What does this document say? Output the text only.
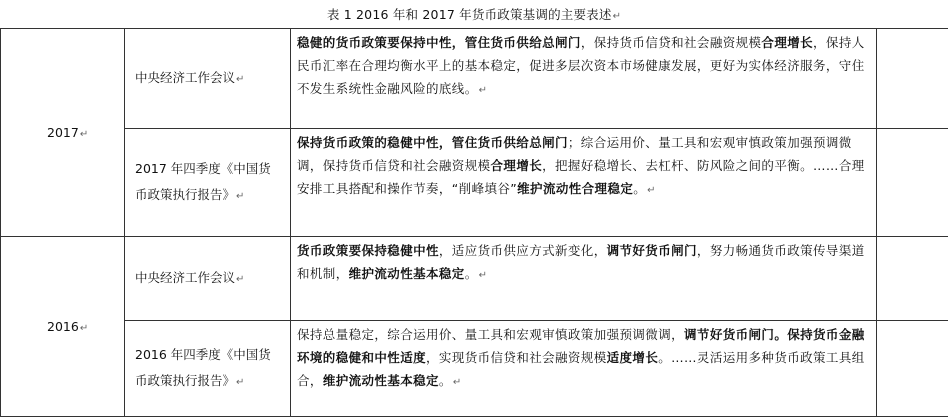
表 1 2016 年和 2017 年货币政策基调的主要表述↵
2017↵	中央经济工作会议↵	稳健的货币政策要保持中性，管住货币供给总闸门，保持货币信贷和社会融资规模合理增长，保持人民币汇率在合理均衡水平上的基本稳定，促进多层次资本市场健康发展，更好为实体经济服务，守住不发生系统性金融风险的底线。↵	
	2017 年四季度《中国货币政策执行报告》↵	保持货币政策的稳健中性，管住货币供给总闸门；综合运用价、量工具和宏观审慎政策加强预调微调，保持货币信贷和社会融资规模合理增长，把握好稳增长、去杠杆、防风险之间的平衡。……合理安排工具搭配和操作节奏，“削峰填谷”维护流动性合理稳定。↵	
2016↵	中央经济工作会议↵	货币政策要保持稳健中性，适应货币供应方式新变化，调节好货币闸门，努力畅通货币政策传导渠道和机制，维护流动性基本稳定。↵	
	2016 年四季度《中国货币政策执行报告》↵	保持总量稳定，综合运用价、量工具和宏观审慎政策加强预调微调，调节好货币闸门。保持货币金融环境的稳健和中性适度，实现货币信贷和社会融资规模适度增长。……灵活运用多种货币政策工具组合，维护流动性基本稳定。↵	
